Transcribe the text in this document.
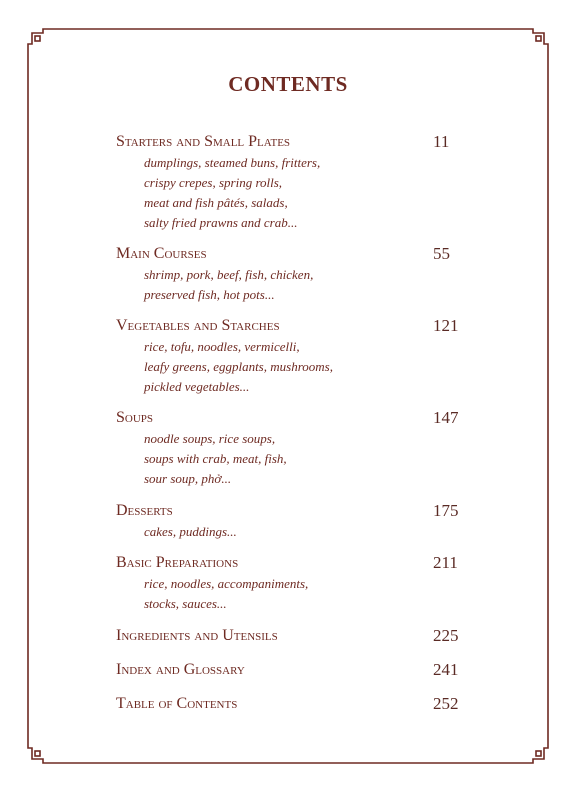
CONTENTS
Starters and Small Plates	11
dumplings, steamed buns, fritters,
crispy crepes, spring rolls,
meat and fish pâtés, salads,
salty fried prawns and crab...
Main Courses	55
shrimp, pork, beef, fish, chicken,
preserved fish, hot pots...
Vegetables and Starches	121
rice, tofu, noodles, vermicelli,
leafy greens, eggplants, mushrooms,
pickled vegetables...
Soups	147
noodle soups, rice soups,
soups with crab, meat, fish,
sour soup, phở...
Desserts	175
cakes, puddings...
Basic Preparations	211
rice, noodles, accompaniments,
stocks, sauces...
Ingredients and Utensils	225
Index and Glossary	241
Table of Contents	252
